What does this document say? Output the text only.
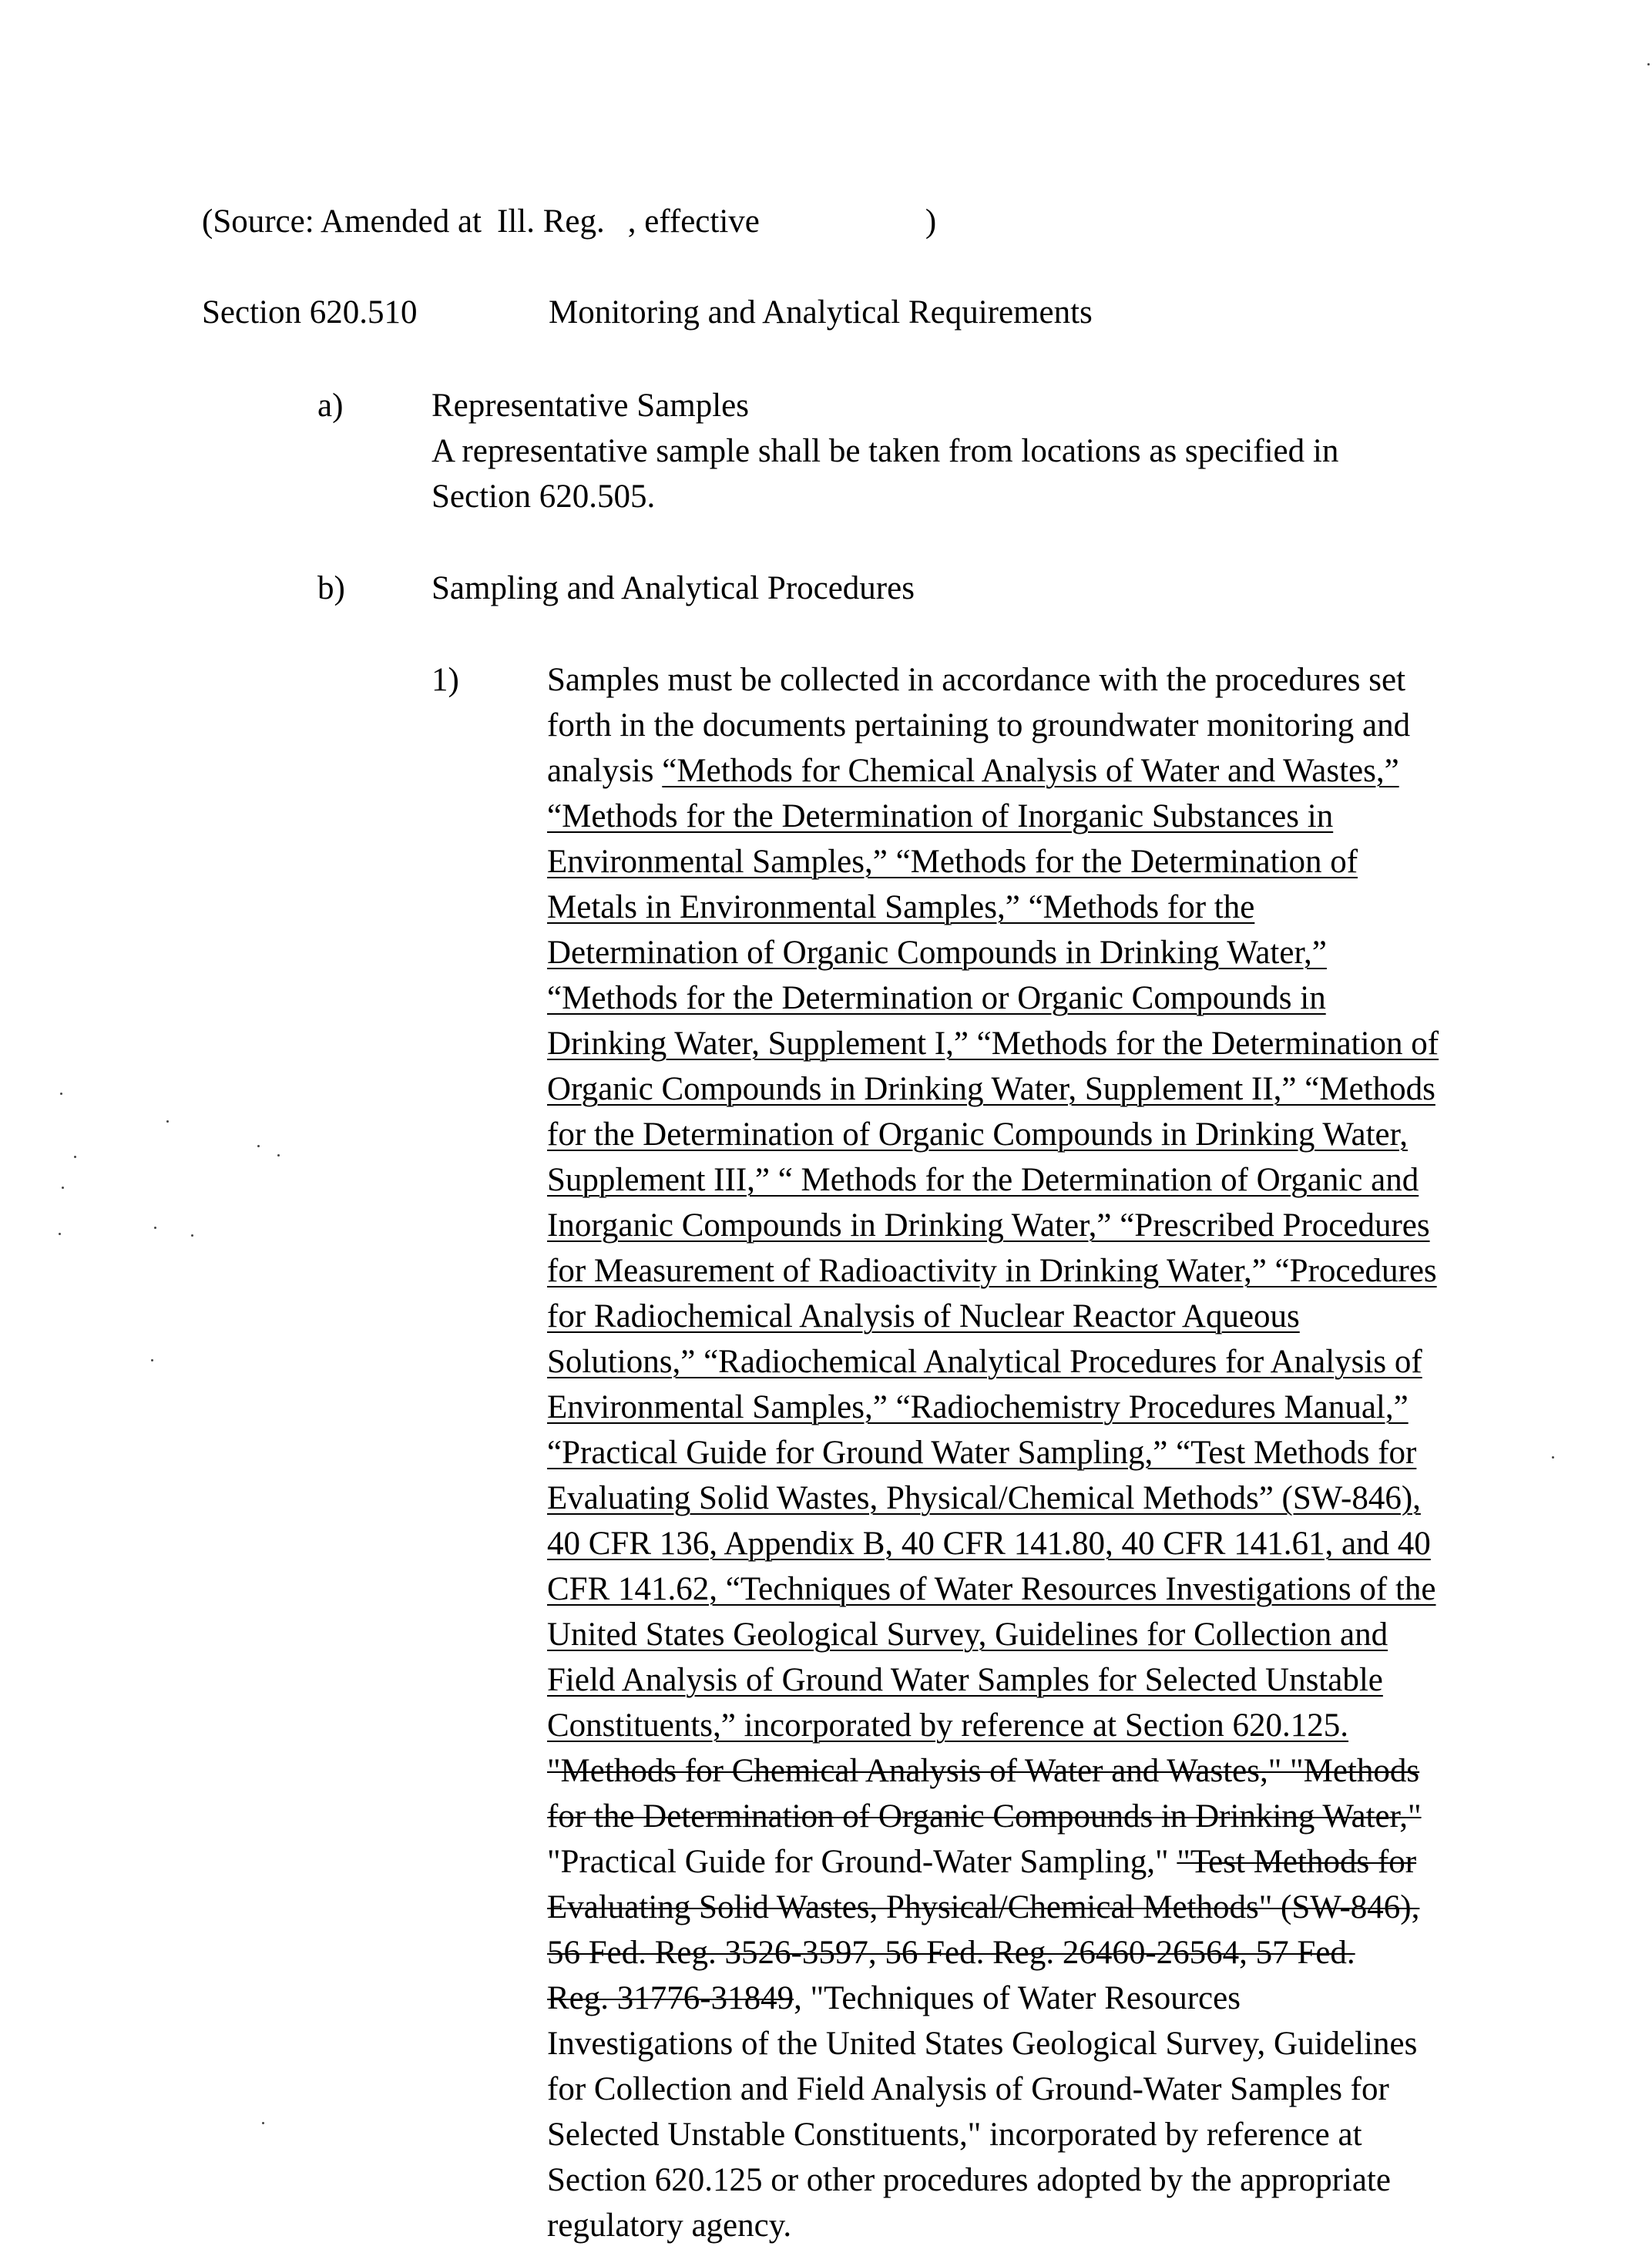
(Source: Amended at Ill. Reg. , effective	)
Section 620.510	Monitoring and Analytical Requirements
a)	Representative Samples
A representative sample shall be taken from locations as specified in
Section 620.505.
b)	Sampling and Analytical Procedures
1)	Samples must be collected in accordance with the procedures set
forth in the documents pertaining to groundwater monitoring and
analysis “Methods for Chemical Analysis of Water and Wastes,”
“Methods for the Determination of Inorganic Substances in
Environmental Samples,” “Methods for the Determination of
Metals in Environmental Samples,” “Methods for the
Determination of Organic Compounds in Drinking Water,”
“Methods for the Determination or Organic Compounds in
Drinking Water, Supplement I,” “Methods for the Determination of
Organic Compounds in Drinking Water, Supplement II,” “Methods
for the Determination of Organic Compounds in Drinking Water,
Supplement III,” “ Methods for the Determination of Organic and
Inorganic Compounds in Drinking Water,” “Prescribed Procedures
for Measurement of Radioactivity in Drinking Water,” “Procedures
for Radiochemical Analysis of Nuclear Reactor Aqueous
Solutions,” “Radiochemical Analytical Procedures for Analysis of
Environmental Samples,” “Radiochemistry Procedures Manual,”
“Practical Guide for Ground Water Sampling,” “Test Methods for
Evaluating Solid Wastes, Physical/Chemical Methods” (SW-846),
40 CFR 136, Appendix B, 40 CFR 141.80, 40 CFR 141.61, and 40
CFR 141.62, “Techniques of Water Resources Investigations of the
United States Geological Survey, Guidelines for Collection and
Field Analysis of Ground Water Samples for Selected Unstable
Constituents,” incorporated by reference at Section 620.125.
"Methods for Chemical Analysis of Water and Wastes," "Methods
for the Determination of Organic Compounds in Drinking Water,"
"Practical Guide for Ground-Water Sampling," "Test Methods for
Evaluating Solid Wastes, Physical/Chemical Methods" (SW-846),
56 Fed. Reg. 3526-3597, 56 Fed. Reg. 26460-26564, 57 Fed.
Reg. 31776-31849, "Techniques of Water Resources
Investigations of the United States Geological Survey, Guidelines
for Collection and Field Analysis of Ground-Water Samples for
Selected Unstable Constituents," incorporated by reference at
Section 620.125 or other procedures adopted by the appropriate
regulatory agency.
